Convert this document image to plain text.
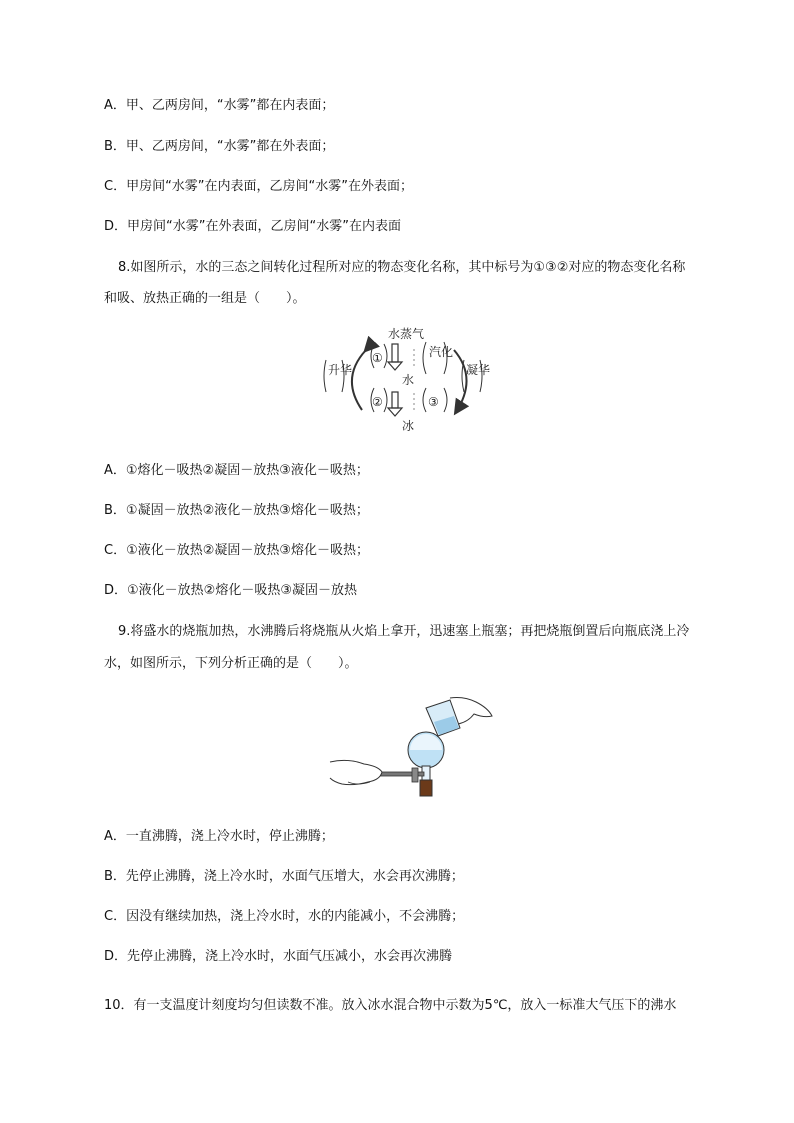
A．甲、乙两房间，“水雾”都在内表面；
B．甲、乙两房间，“水雾”都在外表面；
C．甲房间“水雾”在内表面，乙房间“水雾”在外表面；
D．甲房间“水雾”在外表面，乙房间“水雾”在内表面
8.如图所示，水的三态之间转化过程所对应的物态变化名称，其中标号为①③②对应的物态变化名称
和吸、放热正确的一组是（　　）。
水蒸气
水
冰
①
②
汽化
③
升华	凝华
A．①熔化－吸热②凝固－放热③液化－吸热；
B．①凝固－放热②液化－放热③熔化－吸热；
C．①液化－放热②凝固－放热③熔化－吸热；
D．①液化－放热②熔化－吸热③凝固－放热
9.将盛水的烧瓶加热，水沸腾后将烧瓶从火焰上拿开，迅速塞上瓶塞；再把烧瓶倒置后向瓶底浇上冷
水，如图所示，下列分析正确的是（　　）。
A．一直沸腾，浇上冷水时，停止沸腾；
B．先停止沸腾，浇上冷水时，水面气压增大，水会再次沸腾；
C．因没有继续加热，浇上冷水时，水的内能减小，不会沸腾；
D．先停止沸腾，浇上冷水时，水面气压减小，水会再次沸腾
10．有一支温度计刻度均匀但读数不准。放入冰水混合物中示数为5℃，放入一标准大气压下的沸水
